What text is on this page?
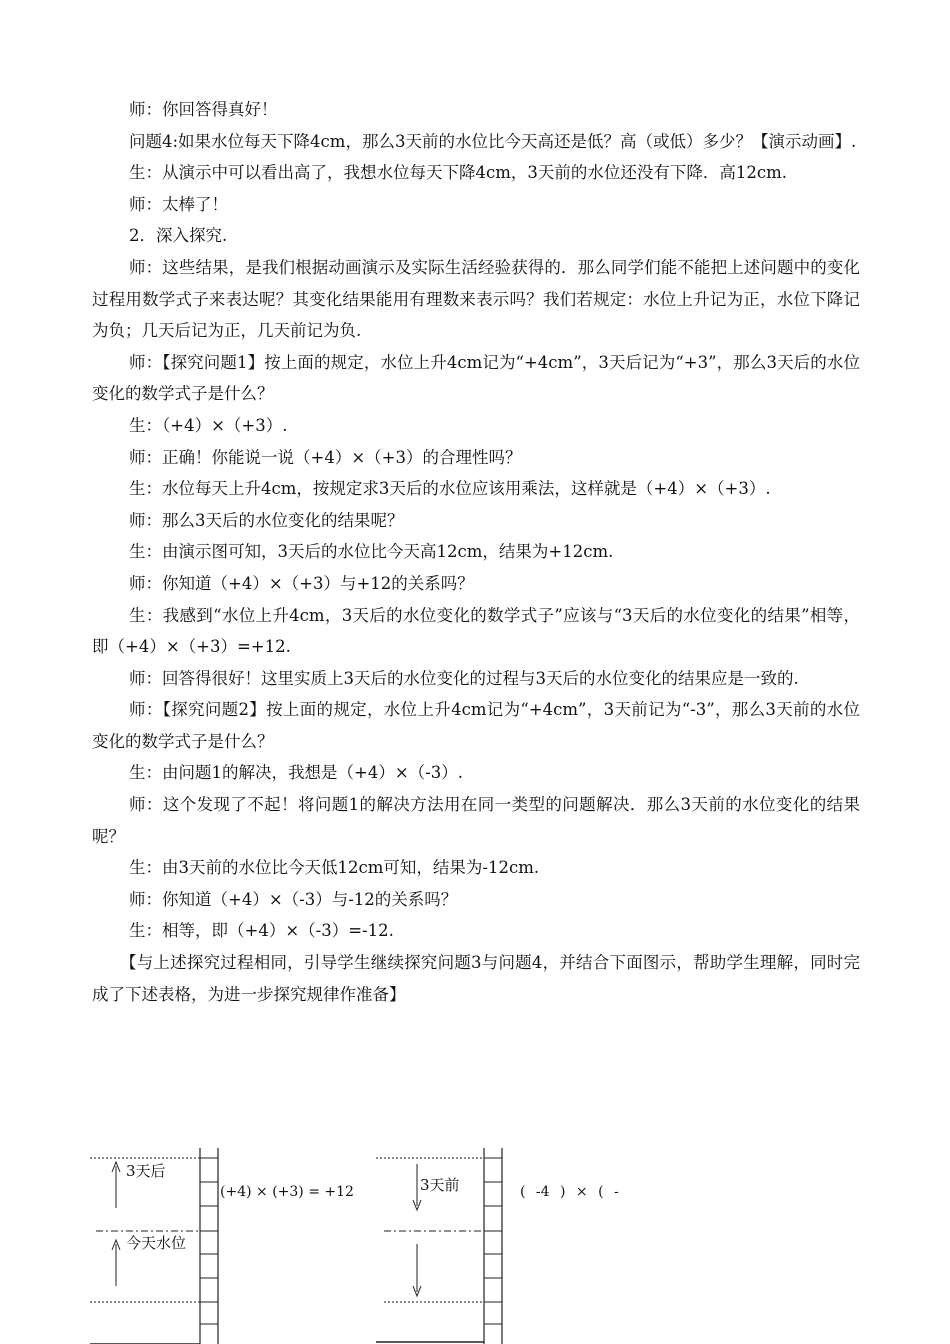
师：你回答得真好！

问题4:如果水位每天下降4cm，那么3天前的水位比今天高还是低？高（或低）多少？【演示动画】.

生：从演示中可以看出高了，我想水位每天下降4cm，3天前的水位还没有下降．高12cm.

师：太棒了！

2．深入探究.

师：这些结果，是我们根据动画演示及实际生活经验获得的．那么同学们能不能把上述问题中的变化过程用数学式子来表达呢？其变化结果能用有理数来表示吗？我们若规定：水位上升记为正，水位下降记为负；几天后记为正，几天前记为负.

师：【探究问题1】按上面的规定，水位上升4cm记为“+4cm”，3天后记为“+3”，那么3天后的水位变化的数学式子是什么？

生：（+4）×（+3）.

师：正确！你能说一说（+4）×（+3）的合理性吗？

生：水位每天上升4cm，按规定求3天后的水位应该用乘法，这样就是（+4）×（+3）.

师：那么3天后的水位变化的结果呢？

生：由演示图可知，3天后的水位比今天高12cm，结果为+12cm.

师：你知道（+4）×（+3）与+12的关系吗？

生：我感到“水位上升4cm，3天后的水位变化的数学式子”应该与“3天后的水位变化的结果”相等，即（+4）×（+3）=+12.

师：回答得很好！这里实质上3天后的水位变化的过程与3天后的水位变化的结果应是一致的.

师：【探究问题2】按上面的规定，水位上升4cm记为“+4cm”，3天前记为“-3”，那么3天前的水位变化的数学式子是什么？

生：由问题1的解决，我想是（+4）×（-3）.

师：这个发现了不起！将问题1的解决方法用在同一类型的问题解决．那么3天前的水位变化的结果呢？

生：由3天前的水位比今天低12cm可知，结果为-12cm.

师：你知道（+4）×（-3）与-12的关系吗？

生：相等，即（+4）×（-3）=-12.

【与上述探究过程相同，引导学生继续探究问题3与问题4，并结合下面图示，帮助学生理解，同时完成了下述表格，为进一步探究规律作准备】

3天后
今天水位
(+4) × (+3) = +12	3天前	( -4 ) × ( -
